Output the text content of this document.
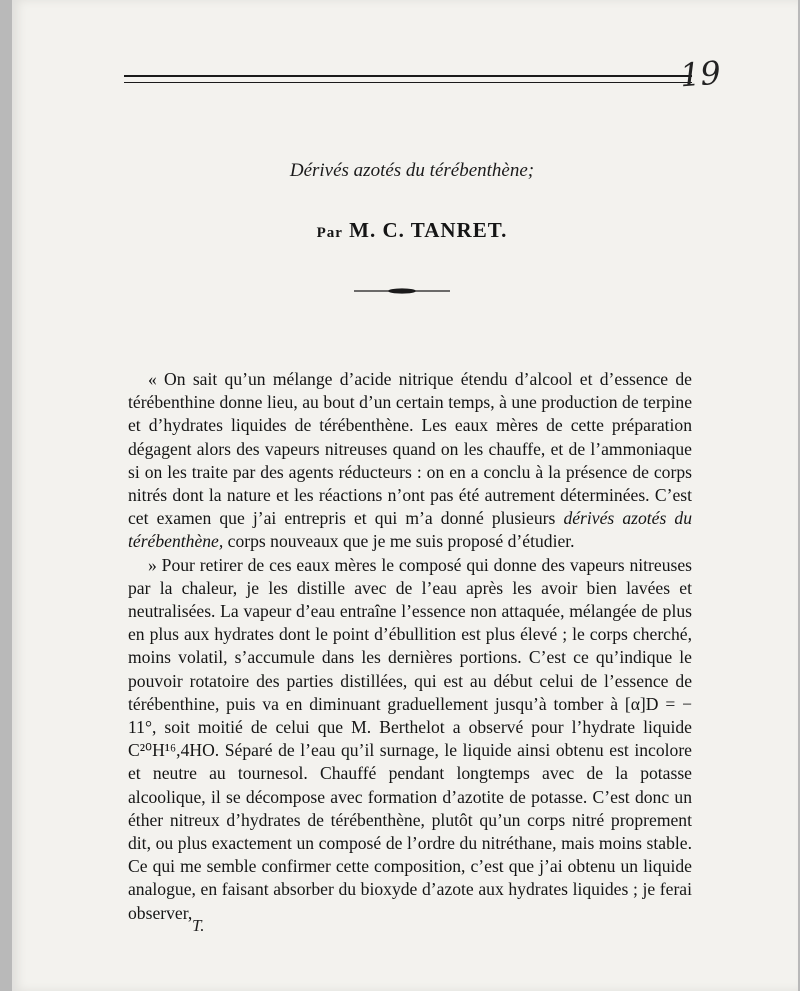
19
Dérivés azotés du térébenthène;
Par M. C. TANRET.

« On sait qu’un mélange d’acide nitrique étendu d’alcool et d’essence de térébenthine donne lieu, au bout d’un certain temps, à une production de terpine et d’hydrates liquides de térébenthène. Les eaux mères de cette préparation dégagent alors des vapeurs nitreuses quand on les chauffe, et de l’ammoniaque si on les traite par des agents réducteurs : on en a conclu à la présence de corps nitrés dont la nature et les réactions n’ont pas été autrement déterminées. C’est cet examen que j’ai entrepris et qui m’a donné plusieurs dérivés azotés du térébenthène, corps nouveaux que je me suis proposé d’étudier.

» Pour retirer de ces eaux mères le composé qui donne des vapeurs nitreuses par la chaleur, je les distille avec de l’eau après les avoir bien lavées et neutralisées. La vapeur d’eau entraîne l’essence non attaquée, mélangée de plus en plus aux hydrates dont le point d’ébullition est plus élevé ; le corps cherché, moins volatil, s’accumule dans les dernières portions. C’est ce qu’indique le pouvoir rotatoire des parties distillées, qui est au début celui de l’essence de térébenthine, puis va en diminuant graduellement jusqu’à tomber à [α]D = − 11°, soit moitié de celui que M. Berthelot a observé pour l’hydrate liquide C²⁰H¹⁶,4HO. Séparé de l’eau qu’il surnage, le liquide ainsi obtenu est incolore et neutre au tournesol. Chauffé pendant longtemps avec de la potasse alcoolique, il se décompose avec formation d’azotite de potasse. C’est donc un éther nitreux d’hydrates de térébenthène, plutôt qu’un corps nitré proprement dit, ou plus exactement un composé de l’ordre du nitréthane, mais moins stable. Ce qui me semble confirmer cette composition, c’est que j’ai obtenu un liquide analogue, en faisant absorber du bioxyde d’azote aux hydrates liquides ; je ferai observer,

T.
